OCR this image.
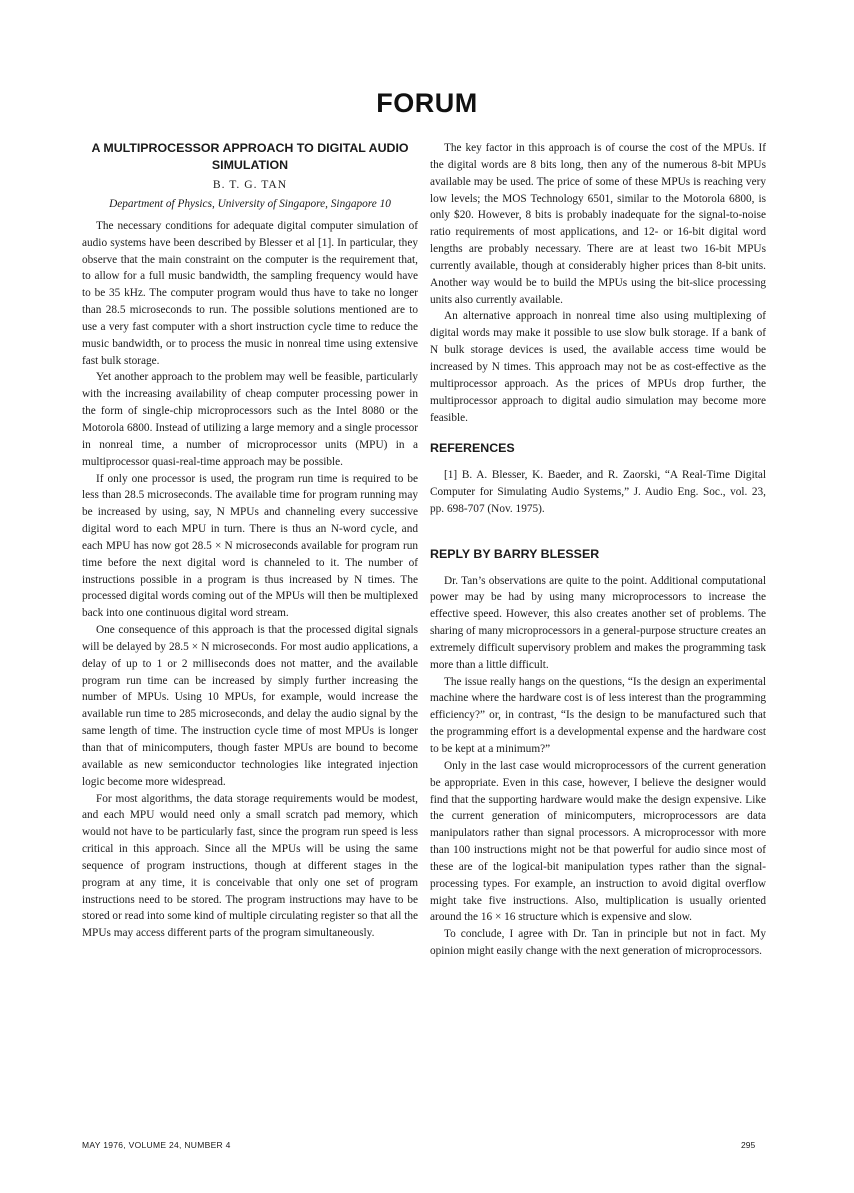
FORUM
A MULTIPROCESSOR APPROACH TO DIGITAL AUDIO SIMULATION
B. T. G. TAN
Department of Physics, University of Singapore, Singapore 10

The necessary conditions for adequate digital computer simulation of audio systems have been described by Blesser et al [1]. In particular, they observe that the main constraint on the computer is the requirement that, to allow for a full music bandwidth, the sampling frequency would have to be 35 kHz. The computer program would thus have to take no longer than 28.5 microseconds to run. The possible solutions mentioned are to use a very fast computer with a short instruction cycle time to reduce the music bandwidth, or to process the music in nonreal time using extensive fast bulk storage.

Yet another approach to the problem may well be feasible, particularly with the increasing availability of cheap computer processing power in the form of single-chip microprocessors such as the Intel 8080 or the Motorola 6800. Instead of utilizing a large memory and a single processor in nonreal time, a number of microprocessor units (MPU) in a multiprocessor quasi-real-time approach may be possible.

If only one processor is used, the program run time is required to be less than 28.5 microseconds. The available time for program running may be increased by using, say, N MPUs and channeling every successive digital word to each MPU in turn. There is thus an N-word cycle, and each MPU has now got 28.5 × N microseconds available for program run time before the next digital word is channeled to it. The number of instructions possible in a program is thus increased by N times. The processed digital words coming out of the MPUs will then be multiplexed back into one continuous digital word stream.

One consequence of this approach is that the processed digital signals will be delayed by 28.5 × N microseconds. For most audio applications, a delay of up to 1 or 2 milliseconds does not matter, and the available program run time can be increased by simply further increasing the number of MPUs. Using 10 MPUs, for example, would increase the available run time to 285 microseconds, and delay the audio signal by the same length of time. The instruction cycle time of most MPUs is longer than that of minicomputers, though faster MPUs are bound to become available as new semiconductor technologies like integrated injection logic become more widespread.

For most algorithms, the data storage requirements would be modest, and each MPU would need only a small scratch pad memory, which would not have to be particularly fast, since the program run speed is less critical in this approach. Since all the MPUs will be using the same sequence of program instructions, though at different stages in the program at any time, it is conceivable that only one set of program instructions need to be stored. The program instructions may have to be stored or read into some kind of multiple circulating register so that all the MPUs may access different parts of the program simultaneously.

The key factor in this approach is of course the cost of the MPUs. If the digital words are 8 bits long, then any of the numerous 8-bit MPUs available may be used. The price of some of these MPUs is reaching very low levels; the MOS Technology 6501, similar to the Motorola 6800, is only $20. However, 8 bits is probably inadequate for the signal-to-noise ratio requirements of most applications, and 12- or 16-bit digital word lengths are probably necessary. There are at least two 16-bit MPUs currently available, though at considerably higher prices than 8-bit units. Another way would be to build the MPUs using the bit-slice processing units also currently available.

An alternative approach in nonreal time also using multiplexing of digital words may make it possible to use slow bulk storage. If a bank of N bulk storage devices is used, the available access time would be increased by N times. This approach may not be as cost-effective as the multiprocessor approach. As the prices of MPUs drop further, the multiprocessor approach to digital audio simulation may become more feasible.

REFERENCES

[1] B. A. Blesser, K. Baeder, and R. Zaorski, “A Real-Time Digital Computer for Simulating Audio Systems,” J. Audio Eng. Soc., vol. 23, pp. 698-707 (Nov. 1975).

REPLY BY BARRY BLESSER

Dr. Tan’s observations are quite to the point. Additional computational power may be had by using many microprocessors to increase the effective speed. However, this also creates another set of problems. The sharing of many microprocessors in a general-purpose structure creates an extremely difficult supervisory problem and makes the programming task more than a little difficult.

The issue really hangs on the questions, “Is the design an experimental machine where the hardware cost is of less interest than the programming efficiency?” or, in contrast, “Is the design to be manufactured such that the programming effort is a developmental expense and the hardware cost to be kept at a minimum?”

Only in the last case would microprocessors of the current generation be appropriate. Even in this case, however, I believe the designer would find that the supporting hardware would make the design expensive. Like the current generation of minicomputers, microprocessors are data manipulators rather than signal processors. A microprocessor with more than 100 instructions might not be that powerful for audio since most of these are of the logical-bit manipulation types rather than the signal-processing types. For example, an instruction to avoid digital overflow might take five instructions. Also, multiplication is usually oriented around the 16 × 16 structure which is expensive and slow.

To conclude, I agree with Dr. Tan in principle but not in fact. My opinion might easily change with the next generation of microprocessors.

MAY 1976, VOLUME 24, NUMBER 4	295
